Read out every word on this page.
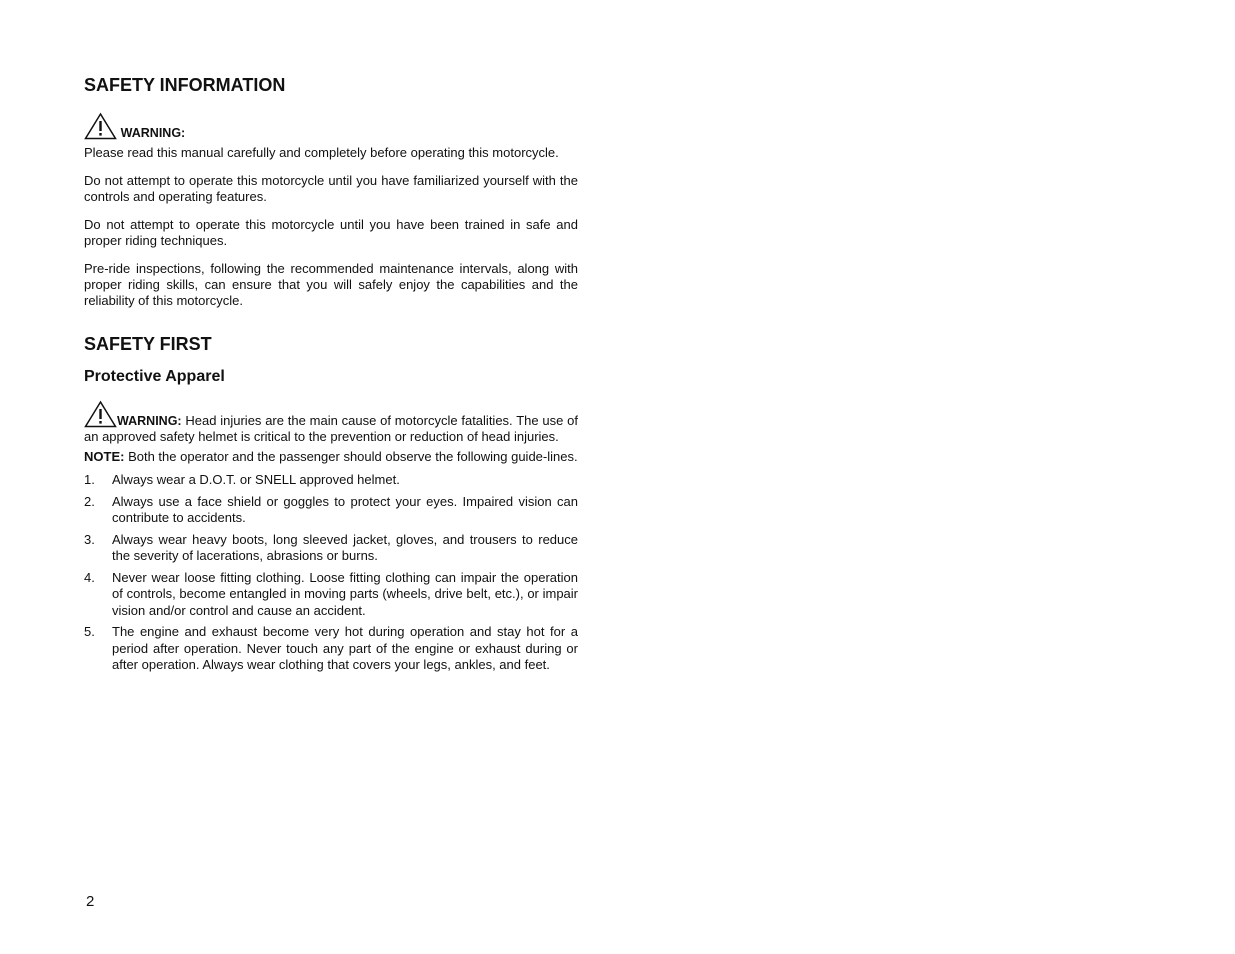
SAFETY INFORMATION
WARNING:

Please read this manual carefully and completely before operating this motorcycle.

Do not attempt to operate this motorcycle until you have familiarized yourself with the controls and operating features.

Do not attempt to operate this motorcycle until you have been trained in safe and proper riding techniques.

Pre-ride inspections, following the recommended maintenance intervals, along with proper riding skills, can ensure that you will safely enjoy the capabilities and the reliability of this motorcycle.

SAFETY FIRST
Protective Apparel

WARNING: Head injuries are the main cause of motorcycle fatalities. The use of an approved safety helmet is critical to the prevention or reduction of head injuries.

NOTE: Both the operator and the passenger should observe the following guide-lines.

1. Always wear a D.O.T. or SNELL approved helmet.
2. Always use a face shield or goggles to protect your eyes. Impaired vision can contribute to accidents.
3. Always wear heavy boots, long sleeved jacket, gloves, and trousers to reduce the severity of lacerations, abrasions or burns.
4. Never wear loose fitting clothing. Loose fitting clothing can impair the operation of controls, become entangled in moving parts (wheels, drive belt, etc.), or impair vision and/or control and cause an accident.
5. The engine and exhaust become very hot during operation and stay hot for a period after operation. Never touch any part of the engine or exhaust during or after operation. Always wear clothing that covers your legs, ankles, and feet.
2
